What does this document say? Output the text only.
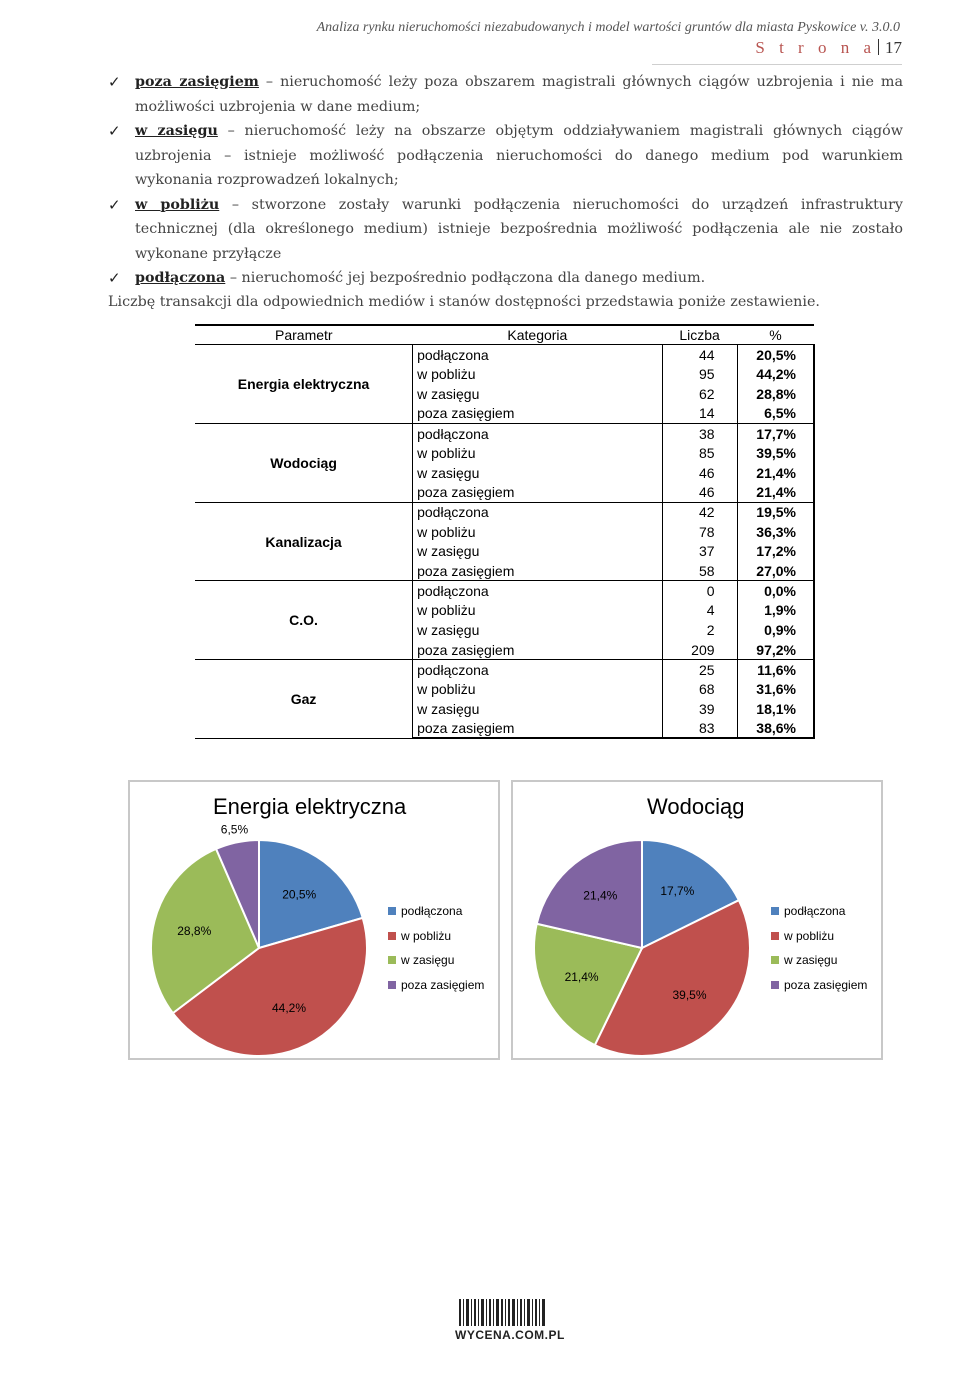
Analiza rynku nieruchomości niezabudowanych i model wartości gruntów dla miasta Pyskowice v. 3.0.0
S t r o n a 17
✓ poza zasięgiem – nieruchomość leży poza obszarem magistrali głównych ciągów uzbrojenia i nie ma możliwości uzbrojenia w dane medium;
✓ w zasięgu – nieruchomość leży na obszarze objętym oddziaływaniem magistrali głównych ciągów uzbrojenia – istnieje możliwość podłączenia nieruchomości do danego medium pod warunkiem wykonania rozprowadzeń lokalnych;
✓ w pobliżu – stworzone zostały warunki podłączenia nieruchomości do urządzeń infrastruktury technicznej (dla określonego medium) istnieje bezpośrednia możliwość podłączenia ale nie zostało wykonane przyłącze
✓ podłączona – nieruchomość jej bezpośrednio podłączona dla danego medium.
Liczbę transakcji dla odpowiednich mediów i stanów dostępności przedstawia poniże zestawienie.
Parametr	Kategoria	Liczba	%
Energia elektryczna	podłączona	44	20,5%
	w pobliżu	95	44,2%
	w zasięgu	62	28,8%
	poza zasięgiem	14	6,5%
Wodociąg	podłączona	38	17,7%
	w pobliżu	85	39,5%
	w zasięgu	46	21,4%
	poza zasięgiem	46	21,4%
Kanalizacja	podłączona	42	19,5%
	w pobliżu	78	36,3%
	w zasięgu	37	17,2%
	poza zasięgiem	58	27,0%
C.O.	podłączona	0	0,0%
	w pobliżu	4	1,9%
	w zasięgu	2	0,9%
	poza zasięgiem	209	97,2%
Gaz	podłączona	25	11,6%
	w pobliżu	68	31,6%
	w zasięgu	39	18,1%
	poza zasięgiem	83	38,6%
Energia elektryczna
20,5%
44,2%
28,8%
6,5%
podłączona
w pobliżu
w zasięgu
poza zasięgiem
Wodociąg
17,7%
39,5%
21,4%
21,4%
podłączona
w pobliżu
w zasięgu
poza zasięgiem
WYCENA.COM.PL
